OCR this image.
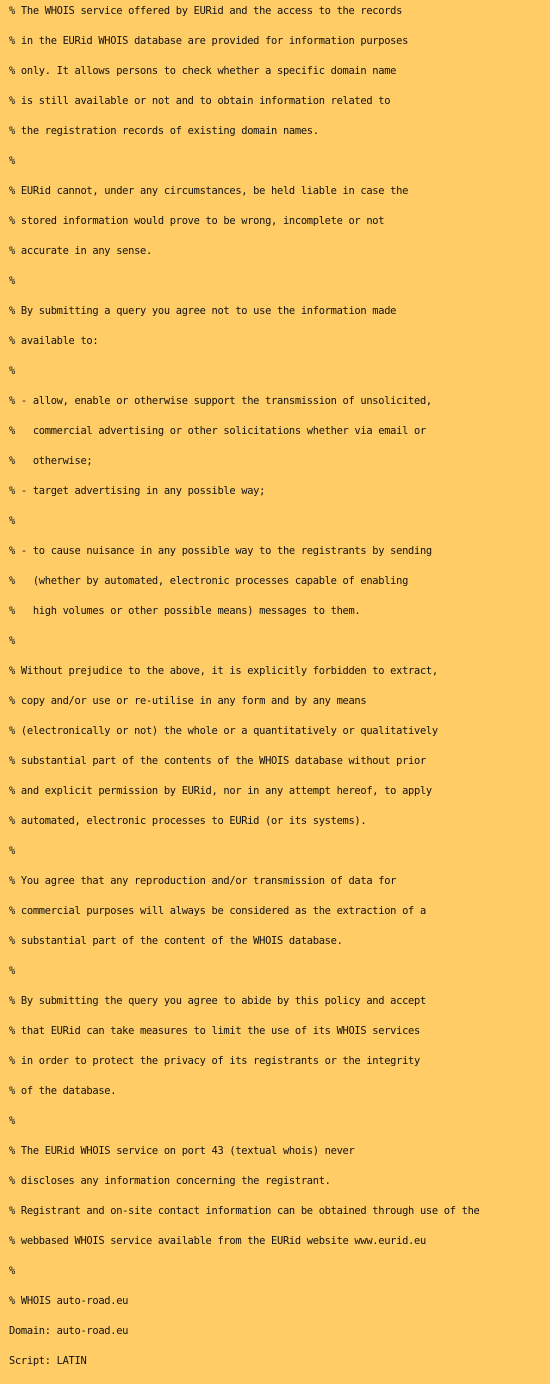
% The WHOIS service offered by EURid and the access to the records

% in the EURid WHOIS database are provided for information purposes

% only. It allows persons to check whether a specific domain name

% is still available or not and to obtain information related to

% the registration records of existing domain names.

%

% EURid cannot, under any circumstances, be held liable in case the

% stored information would prove to be wrong, incomplete or not

% accurate in any sense.

%

% By submitting a query you agree not to use the information made

% available to:

%

% - allow, enable or otherwise support the transmission of unsolicited,

%   commercial advertising or other solicitations whether via email or

%   otherwise;

% - target advertising in any possible way;

%

% - to cause nuisance in any possible way to the registrants by sending

%   (whether by automated, electronic processes capable of enabling

%   high volumes or other possible means) messages to them.

%

% Without prejudice to the above, it is explicitly forbidden to extract,

% copy and/or use or re-utilise in any form and by any means

% (electronically or not) the whole or a quantitatively or qualitatively

% substantial part of the contents of the WHOIS database without prior

% and explicit permission by EURid, nor in any attempt hereof, to apply

% automated, electronic processes to EURid (or its systems).

%

% You agree that any reproduction and/or transmission of data for

% commercial purposes will always be considered as the extraction of a

% substantial part of the content of the WHOIS database.

%

% By submitting the query you agree to abide by this policy and accept

% that EURid can take measures to limit the use of its WHOIS services

% in order to protect the privacy of its registrants or the integrity

% of the database.

%

% The EURid WHOIS service on port 43 (textual whois) never

% discloses any information concerning the registrant.

% Registrant and on-site contact information can be obtained through use of the

% webbased WHOIS service available from the EURid website www.eurid.eu

%

% WHOIS auto-road.eu

Domain: auto-road.eu

Script: LATIN
